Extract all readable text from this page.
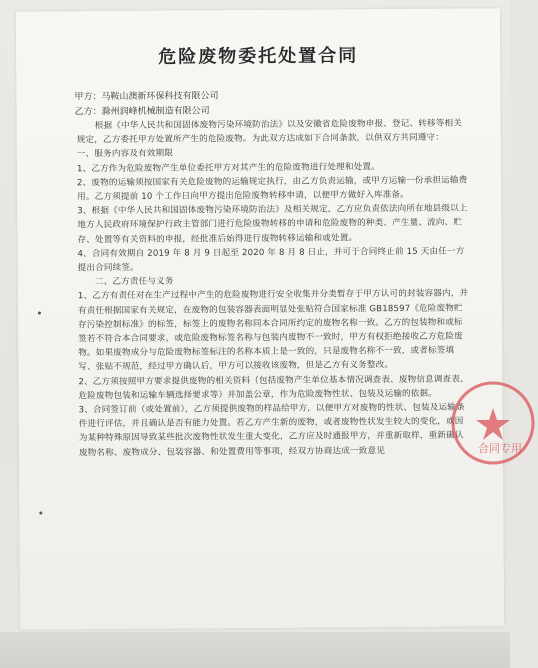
危险废物委托处置合同
甲方：马鞍山澳新环保科技有限公司
乙方：滁州润峰机械制造有限公司

根据《中华人民共和国固体废物污染环境防治法》以及安徽省危险废物申报、登记、转移等相关规定，乙方委托甲方处置所产生的危险废物。为此双方达成如下合同条款，以供双方共同遵守：

一、服务内容及有效期限

1、乙方作为危险废物产生单位委托甲方对其产生的危险废物进行处理和处置。

2、废物的运输须按国家有关危险废物的运输规定执行，由乙方负责运输，或甲方运输一份承担运输费用。乙方须提前 10 个工作日向甲方提出危险废物转移申请，以便甲方做好入库准备。

3、根据《中华人民共和国固体废物污染环境防治法》及相关规定，乙方应负责依法向所在地县级以上地方人民政府环境保护行政主管部门进行危险废物转移的申请和危险废物的种类、产生量、流向、贮存、处置等有关资料的申报，经批准后始得进行废物转移运输和或处置。

4、合同有效期自 2019 年 8 月 9 日起至 2020 年 8 月 8 日止，并可于合同终止前 15 天由任一方提出合同续签。

二、乙方责任与义务

1、乙方有责任对在生产过程中产生的危险废物进行安全收集并分类暂存于甲方认可的封装容器内，并有责任根据国家有关规定，在废物的包装容器表面明显处张贴符合国家标准 GB18597《危险废物贮存污染控制标准》的标签，标签上的废物名称同本合同所约定的废物名称一致。乙方的包装物和或标签若不符合本合同要求，或危险废物标签名称与包装内废物不一致时，甲方有权拒绝接收乙方危险废物。如果废物成分与危险废物标签标注的名称本质上是一致的，只是废物名称不一致，或者标签填写、张贴不规范，经过甲方确认后，甲方可以接收该废物，但是乙方有义务整改。

2、乙方须按照甲方要求提供废物的相关资料（包括废物产生单位基本情况调查表、废物信息调查表、危险废物包装和运输车辆选择要求等）并加盖公章，作为危险废物性状、包装及运输的依据。

3、合同签订前（或处置前），乙方须提供废物的样品给甲方，以便甲方对废物的性状、包装及运输条件进行评估，并且确认是否有能力处置。若乙方产生新的废物，或者废物性状发生较大的变化，或因为某种特殊原因导致某些批次废物性状发生重大变化，乙方应及时通报甲方，并重新取样，重新确认废物名称、废物成分、包装容器、和处置费用等事项，经双方协商达成一致意见	合同专用
